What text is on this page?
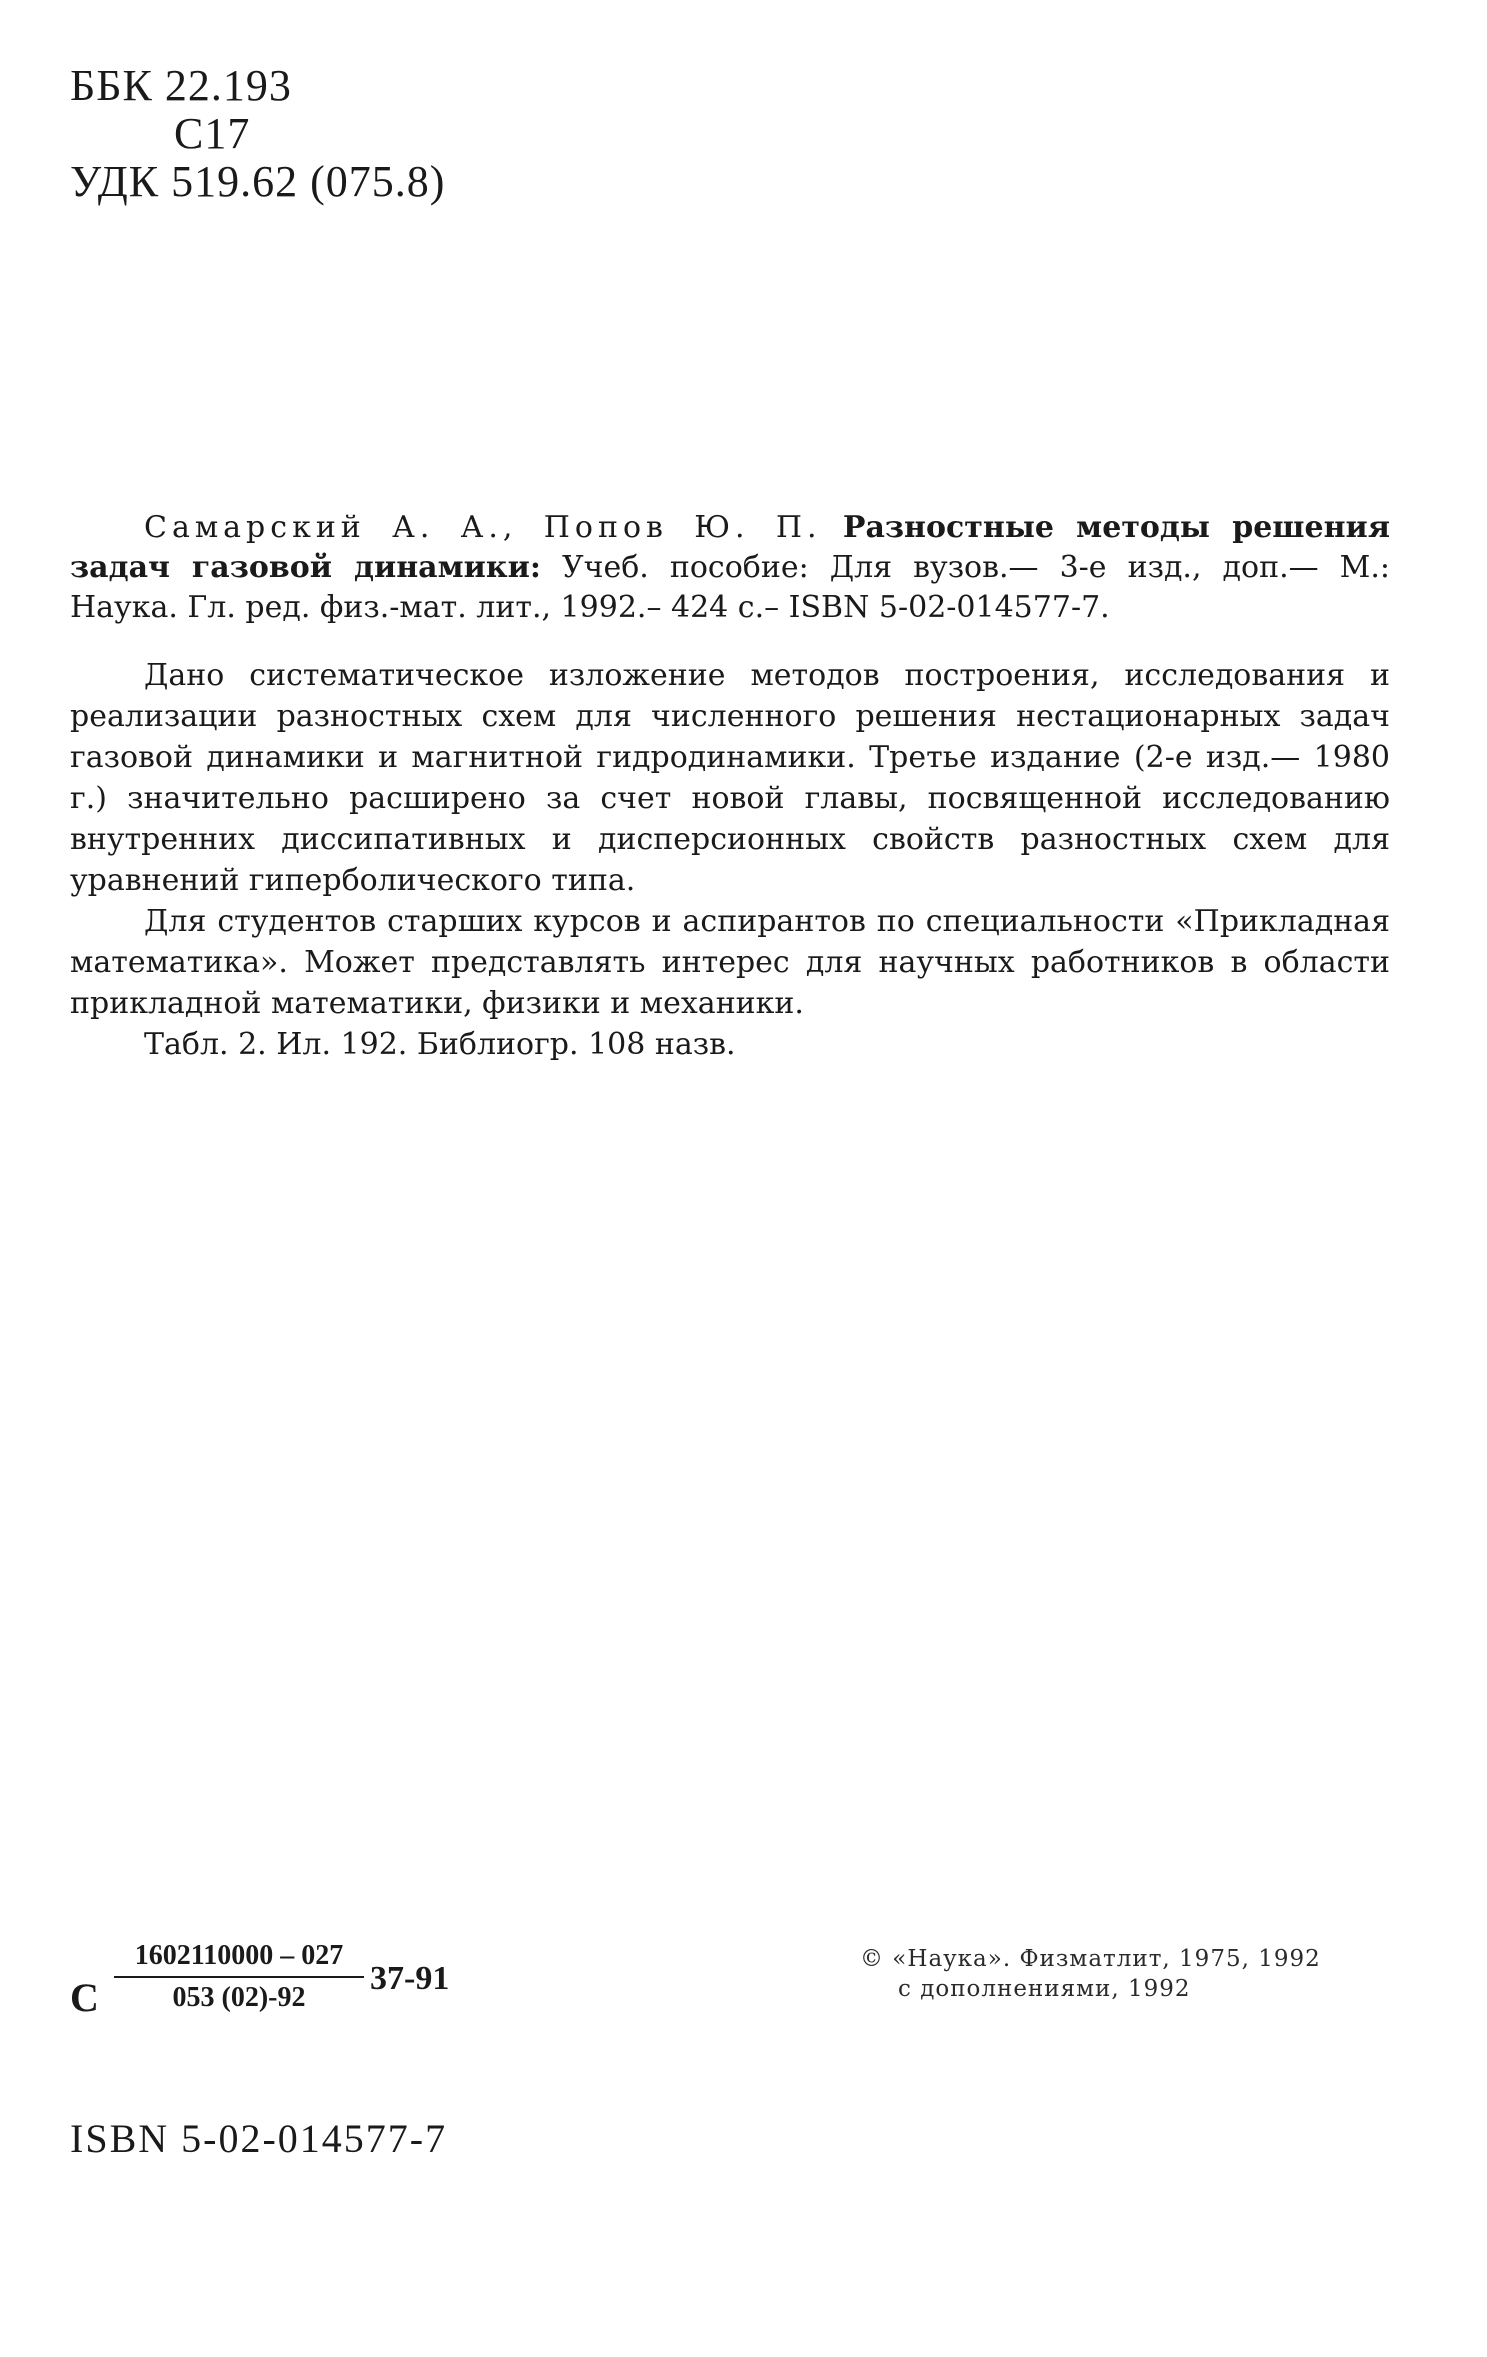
ББК 22.193
С17
УДК 519.62 (075.8)

Самарский А. А., Попов Ю. П. Разностные методы решения задач газовой динамики: Учеб. пособие: Для вузов.— 3-е изд., доп.— М.: Наука. Гл. ред. физ.-мат. лит., 1992.– 424 с.– ISBN 5-02-014577-7.

Дано систематическое изложение методов построения, исследования и реализации разностных схем для численного решения нестационарных задач газовой динамики и магнитной гидродинамики. Третье издание (2-е изд.— 1980 г.) значительно расширено за счет новой главы, посвященной исследованию внутренних диссипативных и дисперсионных свойств разностных схем для уравнений гиперболического типа.

Для студентов старших курсов и аспирантов по специальности «Прикладная математика». Может представлять интерес для научных работников в области прикладной математики, физики и механики.

Табл. 2. Ил. 192. Библиогр. 108 назв.

С $\frac{1602110000 - 027}{053 (02)-92}$
37-91
© «Наука». Физматлит, 1975, 1992
с дополнениями, 1992
ISBN 5-02-014577-7
